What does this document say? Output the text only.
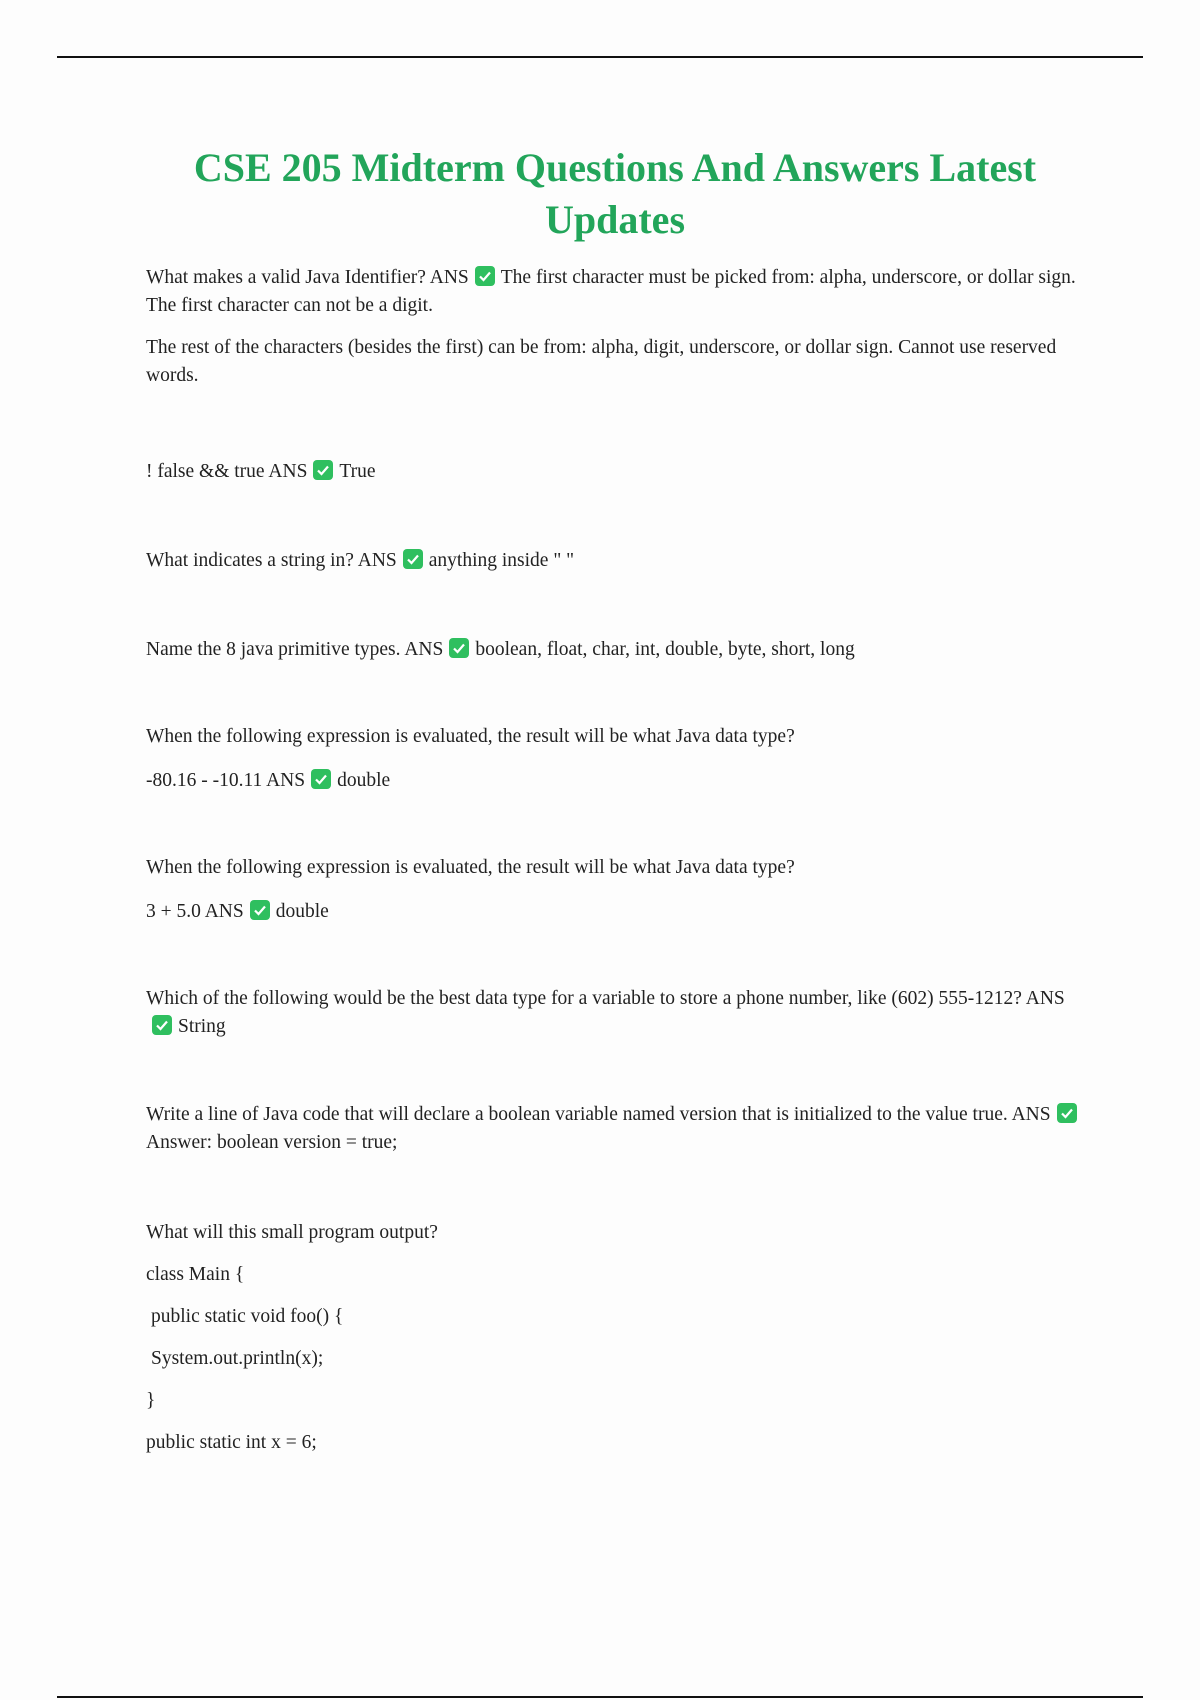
CSE 205 Midterm Questions And Answers Latest Updates

What makes a valid Java Identifier? ANS The first character must be picked from: alpha, underscore, or dollar sign. The first character can not be a digit.

The rest of the characters (besides the first) can be from: alpha, digit, underscore, or dollar sign. Cannot use reserved words.

! false && true ANS True

What indicates a string in? ANS anything inside " "

Name the 8 java primitive types. ANS boolean, float, char, int, double, byte, short, long

When the following expression is evaluated, the result will be what Java data type?

-80.16 - -10.11 ANS double

When the following expression is evaluated, the result will be what Java data type?

3 + 5.0 ANS double

Which of the following would be the best data type for a variable to store a phone number, like (602) 555-1212? ANS
String

Write a line of Java code that will declare a boolean variable named version that is initialized to the value true. ANS
Answer: boolean version = true;

What will this small program output?

class Main {

public static void foo() {

System.out.println(x);

}

public static int x = 6;
